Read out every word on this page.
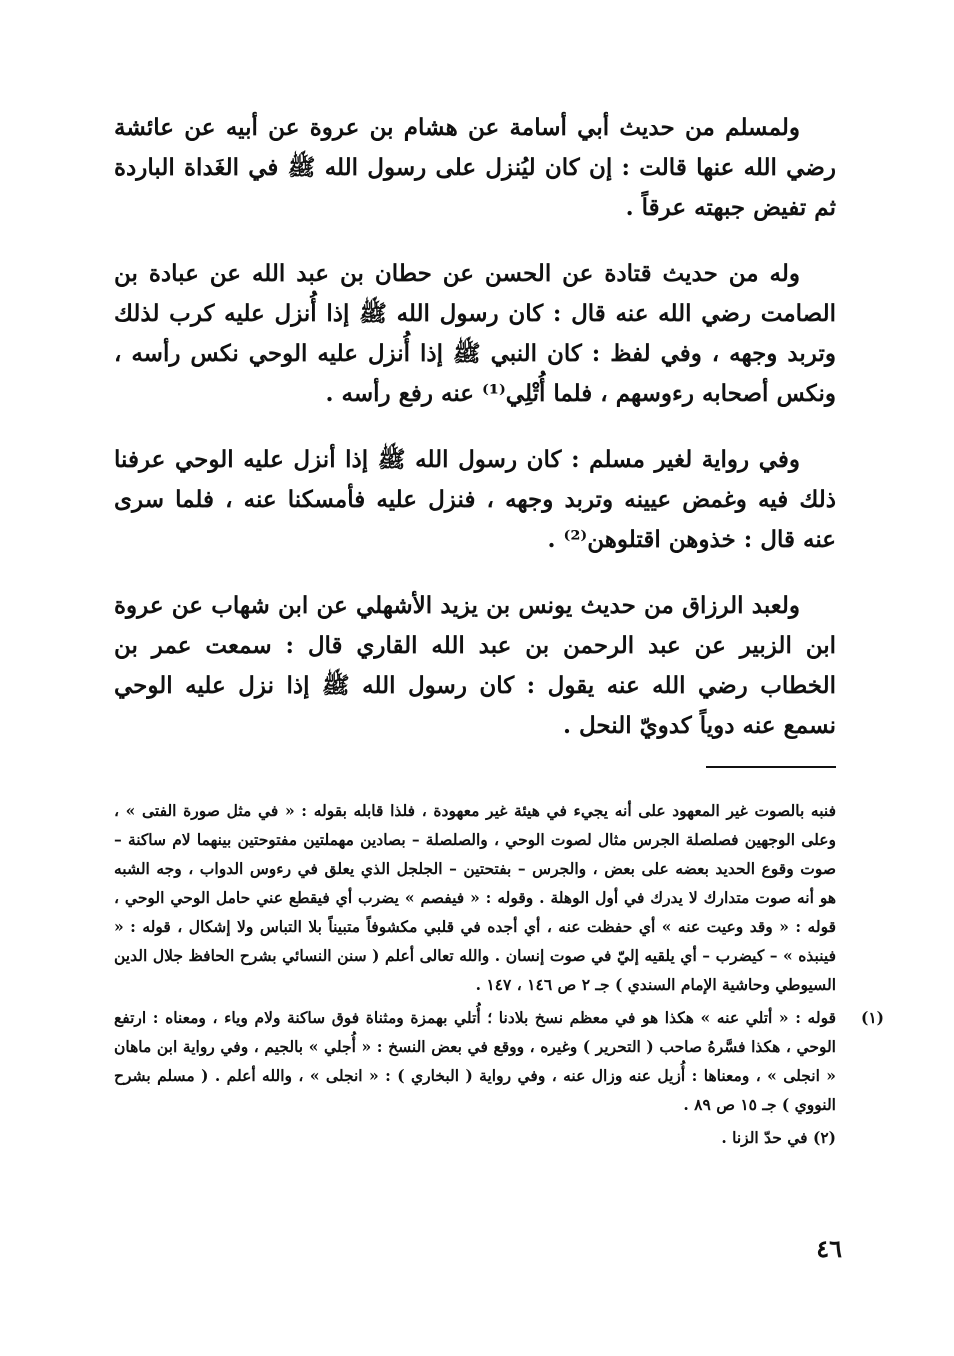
ولمسلم من حديث أبي أسامة عن هشام بن عروة عن أبيه عن عائشة رضي الله عنها قالت : إن كان ليُنزل على رسول الله ﷺ في الغَداة الباردة ثم تفيض جبهته عرقاً .

وله من حديث قتادة عن الحسن عن حطان بن عبد الله عن عبادة بن الصامت رضي الله عنه قال : كان رسول الله ﷺ إذا أُنزل عليه كرب لذلك وتربد وجهه ، وفي لفظ : كان النبي ﷺ إذا أُنزل عليه الوحي نكس رأسه ، ونكس أصحابه رءوسهم ، فلما أُتْلِي⁽¹⁾ عنه رفع رأسه .

وفي رواية لغير مسلم : كان رسول الله ﷺ إذا أنزل عليه الوحي عرفنا ذلك فيه وغمض عيينه وتربد وجهه ، فنزل عليه فأمسكنا عنه ، فلما سرى عنه قال : خذوهن اقتلوهن⁽²⁾ .

ولعبد الرزاق من حديث يونس بن يزيد الأشهلي عن ابن شهاب عن عروة ابن الزبير عن عبد الرحمن بن عبد الله القاري قال : سمعت عمر بن الخطاب رضي الله عنه يقول : كان رسول الله ﷺ إذا نزل عليه الوحي نسمع عنه دوياً كدويّ النحل .

فنبه بالصوت غير المعهود على أنه يجيء في هيئة غير معهودة ، فلذا قابله بقوله : « في مثل صورة الفتى » ، وعلى الوجهين فصلصلة الجرس مثال لصوت الوحي ، والصلصلة – بصادين مهملتين مفتوحتين بينهما لام ساكنة – صوت وقوع الحديد بعضه على بعض ، والجرس – بفتحتين – الجلجل الذي يعلق في رءوس الدواب ، وجه الشبه هو أنه صوت متدارك لا يدرك في أول الوهلة . وقوله : « فيفصم » يضرب أي فيقطع عني حامل الوحي الوحي ، قوله : « وقد وعيت عنه » أي حفظت عنه ، أي أجده في قلبي مكشوفاً متبيناً بلا التباس ولا إشكال ، قوله : « فينبذه » – كيضرب – أي يلقيه إليّ في صوت إنسان . والله تعالى أعلم ( سنن النسائي بشرح الحافظ جلال الدين السيوطي وحاشية الإمام السندي ) جـ ٢ ص ١٤٦ ، ١٤٧ .

(١)

قوله : « أتلي عنه » هكذا هو في معظم نسخ بلادنا ؛ أُتلي بهمزة ومثناة فوق ساكنة ولام وياء ، ومعناه : ارتفع الوحي ، هكذا فسَّرهُ صاحب ( التحرير ) وغيره ، ووقع في بعض النسخ : « أُجلي » بالجيم ، وفي رواية ابن ماهان « انجلى » ، ومعناها : أُزيل عنه وزال عنه ، وفي رواية ( البخاري ) : « انجلى » ، والله أعلم . ( مسلم بشرح النووي ) جـ ١٥ ص ٨٩ .

(٢) في حدّ الزنا .

٤٦
